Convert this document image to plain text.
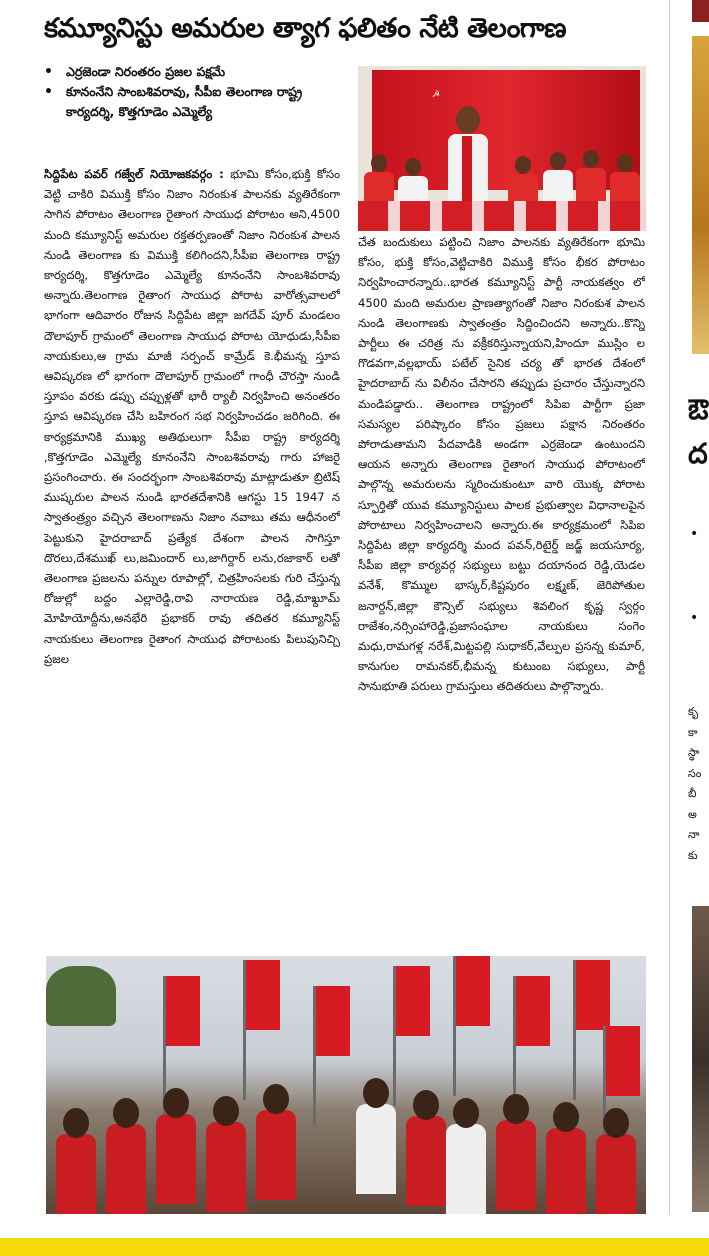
కమ్యూనిస్టు అమరుల త్యాగ ఫలితం నేటి తెలంగాణ
•	ఎర్రజెండా నిరంతరం ప్రజల పక్షమే
•	కూనంనేని సాంబశివరావు, సీపీఐ తెలంగాణ రాష్ట్ర కార్యదర్శి, కొత్తగూడెం ఎమ్మెల్యే

సిద్దిపేట పవర్ గజ్వేల్ నియోజకవర్గం : భూమి కోసం,భుక్తి కోసం వెట్టి చాకిరి విముక్తి కోసం నిజాం నిరంకుశ పాలనకు వ్యతిరేకంగా సాగిన పోరాటం తెలంగాణ రైతాంగ సాయుధ పోరాటం అని,4500 మంది కమ్యూనిస్ట్ అమరుల రక్తతర్పణంతో నిజాం నిరంకుశ పాలన నుండి తెలంగాణ కు విముక్తి కలిగిందని,సీపీఐ తెలంగాణ రాష్ట్ర కార్యదర్శి, కొత్తగూడెం ఎమ్మెల్యే కూనంనేని సాంబశివరావు అన్నారు.తెలంగాణ రైతాంగ సాయుధ పోరాట వారోత్సవాలలో భాగంగా ఆదివారం రోజున సిద్దిపేట జిల్లా జగదేవ్ పూర్ మండలం దౌలాపూర్ గ్రామంలో తెలంగాణ సాయుధ పోరాట యోధుడు,సీపీఐ నాయకులు,ఆ గ్రామ మాజీ సర్పంచ్ కామ్రేడ్ కె.భీమన్న స్తూప ఆవిష్కరణ లో భాగంగా దౌలాపూర్ గ్రామంలో గాంధీ చౌరస్తా నుండి స్తూపం వరకు డప్పు చప్పుళ్లతో భారీ ర్యాలీ నిర్వహించి అనంతరం స్తూప ఆవిష్కరణ చేసి బహిరంగ సభ నిర్వహించడం జరిగింది. ఈ కార్యక్రమానికి ముఖ్య అతిథులుగా సీపీఐ రాష్ట్ర కార్యదర్శి ,కొత్తగూడెం ఎమ్మెల్యే కూనంనేని సాంబశివరావు గారు హాజరై ప్రసంగించారు. ఈ సందర్భంగా సాంబశివరావు మాట్లాడుతూ బ్రిటిష్ ముష్కరుల పాలన నుండి భారతదేశానికి ఆగస్టు 15 1947 న స్వాతంత్ర్యం వచ్చిన తెలంగాణను నిజాం నవాబు తమ ఆధీనంలో పెట్టుకుని హైదరాబాద్ ప్రత్యేక దేశంగా పాలన సాగిస్తూ దొరలు,దేశముఖ్ లు,జమిందార్ లు,జాగిర్దార్ లను,రజాకార్ లతో తెలంగాణ ప్రజలను పన్నుల రూపాల్లో, చిత్రహింసలకు గురి చేస్తున్న రోజుల్లో బద్దం ఎల్లారెడ్డి,రావి నారాయణ రెడ్డి,మాఖ్దూమ్ మోహియోద్దీను,అనభేరి ప్రభాకర్ రావు తదితర కమ్యూనిస్ట్ నాయకులు తెలంగాణ రైతాంగ సాయుధ పోరాటంకు పిలుపునిచ్చి ప్రజల

☭

చేత బందుకులు పట్టించి నిజాం పాలనకు వ్యతిరేకంగా భూమి కోసం, భుక్తి కోసం,వెట్టిచాకిరి విముక్తి కోసం భీకర పోరాటం నిర్వహించారన్నారు..భారత కమ్యూనిస్ట్ పార్టీ నాయకత్వం లో 4500 మంది అమరుల ప్రాణత్యాగంతో నిజాం నిరంకుశ పాలన నుండి తెలంగాణకు స్వాతంత్రం సిద్దించిందని అన్నారు..కొన్ని పార్టీలు ఈ చరిత్ర ను వక్రీకరిస్తున్నాయని,హిందూ ముస్లిం ల గొడవగా,వల్లభాయ్ పటేల్ సైనిక చర్య తో భారత దేశంలో హైదరాబాద్ ను విలీనం చేసారని తప్పుడు ప్రచారం చేస్తున్నారని మండిపడ్డారు.. తెలంగాణ రాష్ట్రంలో సిపిఐ పార్టీగా ప్రజా సమస్యల పరిష్కారం కోసం ప్రజలు పక్షాన నిరంతరం పోరాడుతామని పేదవాడికి అండగా ఎర్రజెండా ఉంటుందని ఆయన అన్నారు తెలంగాణ రైతాంగ సాయుధ పోరాటంలో పాల్గొన్న అమరులను స్మరించుకుంటూ వారి యొక్క పోరాట స్ఫూర్తితో యువ కమ్యూనిస్టులు పాలక ప్రభుత్వాల విధానాలపైన పోరాటాలు నిర్వహించాలని అన్నారు.ఈ కార్యక్రమంలో సిపిఐ సిద్దిపేట జిల్లా కార్యదర్శి మంద పవన్,రిటైర్డ్ జడ్జ్ జయసూర్య, సీపీఐ జిల్లా కార్యవర్గ సభ్యులు బట్టు దయానంద రెడ్డి,యెడల వనేశ్, కొమ్ముల భాస్కర్,కిష్టపురం లక్ష్మణ్, జెరిపోతుల జనార్దన్,జిల్లా కౌన్సిల్ సభ్యులు శివలింగ కృష్ణ స్వర్గం రాజేశం,నర్సింహారెడ్డి,ప్రజాసంఘాల నాయకులు సంగెం మధు,రామగళ్ల నరేశ్,మిట్టపల్లి సుధాకర్,వేల్పుల ప్రసన్న కుమార్, కానుగుల రామనకర్,భీమన్న కుటుంబ సభ్యులు, పార్టీ సానుభూతి పరులు గ్రామస్తులు తదితరులు పాల్గొన్నారు.

ఔ
ద
•
•
కృ
కా
స్థా
సం
బీ
అ
నా
కు
